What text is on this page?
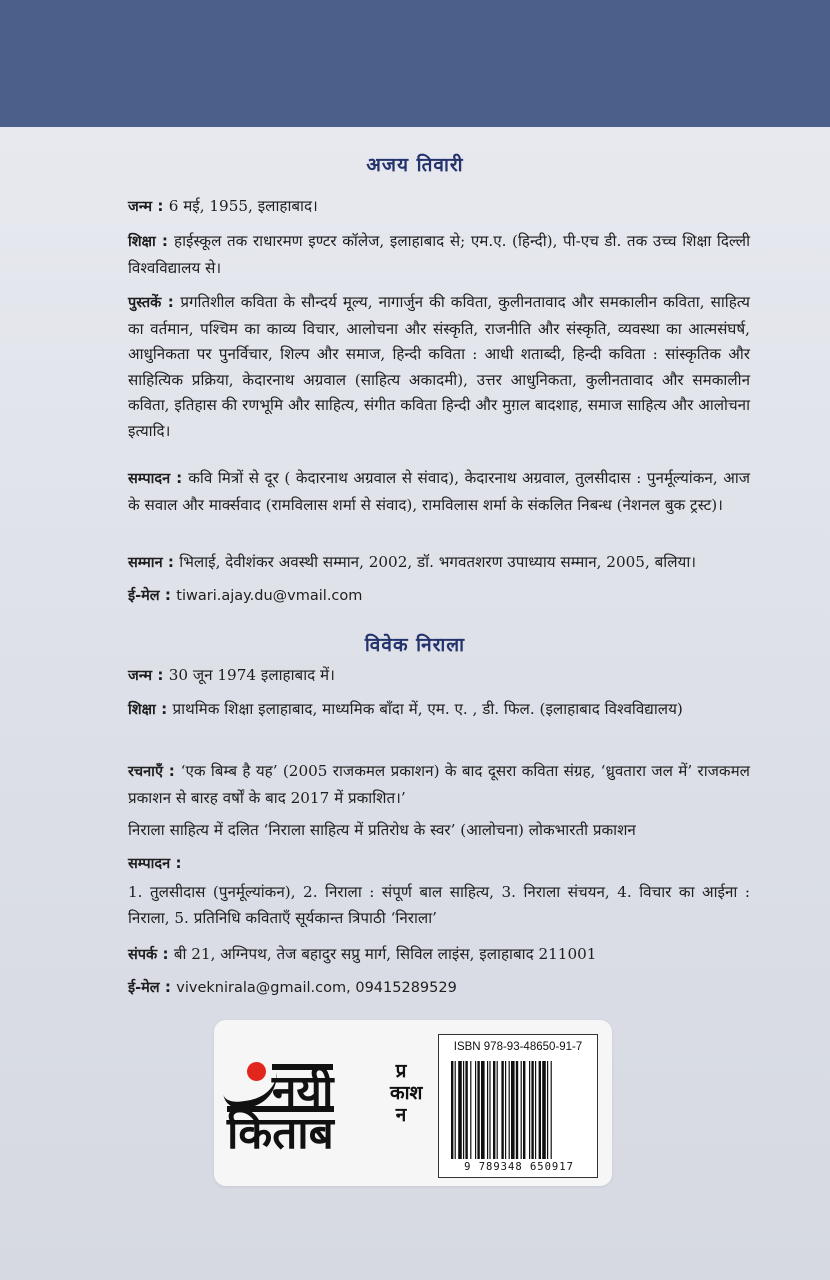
अजय तिवारी

जन्म : 6 मई, 1955, इलाहाबाद।

शिक्षा : हाईस्कूल तक राधारमण इण्टर कॉलेज, इलाहाबाद से; एम.ए. (हिन्दी), पी-एच डी. तक उच्च शिक्षा दिल्ली विश्वविद्यालय से।

पुस्तकें : प्रगतिशील कविता के सौन्दर्य मूल्य, नागार्जुन की कविता, कुलीनतावाद और समकालीन कविता, साहित्य का वर्तमान, पश्चिम का काव्य विचार, आलोचना और संस्कृति, राजनीति और संस्कृति, व्यवस्था का आत्मसंघर्ष, आधुनिकता पर पुनर्विचार, शिल्प और समाज, हिन्दी कविता : आधी शताब्दी, हिन्दी कविता : सांस्कृतिक और साहित्यिक प्रक्रिया, केदारनाथ अग्रवाल (साहित्य अकादमी), उत्तर आधुनिकता, कुलीनतावाद और समकालीन कविता, इतिहास की रणभूमि और साहित्य, संगीत कविता हिन्दी और मुग़ल बादशाह, समाज साहित्य और आलोचना इत्यादि।

सम्पादन : कवि मित्रों से दूर ( केदारनाथ अग्रवाल से संवाद), केदारनाथ अग्रवाल, तुलसीदास : पुनर्मूल्यांकन, आज के सवाल और मार्क्सवाद (रामविलास शर्मा से संवाद), रामविलास शर्मा के संकलित निबन्ध (नेशनल बुक ट्रस्ट)।

सम्मान : भिलाई, देवीशंकर अवस्थी सम्मान, 2002, डॉ. भगवतशरण उपाध्याय सम्मान, 2005, बलिया।

ई-मेल : tiwari.ajay.du@vmail.com

विवेक निराला

जन्म : 30 जून 1974 इलाहाबाद में।

शिक्षा : प्राथमिक शिक्षा इलाहाबाद, माध्यमिक बाँदा में, एम. ए. , डी. फिल. (इलाहाबाद विश्वविद्यालय)

रचनाएँ : ‘एक बिम्ब है यह’ (2005 राजकमल प्रकाशन) के बाद दूसरा कविता संग्रह, ‘ध्रुवतारा जल में’ राजकमल प्रकाशन से बारह वर्षों के बाद 2017 में प्रकाशित।’

निराला साहित्य में दलित ‘निराला साहित्य में प्रतिरोध के स्वर’ (आलोचना) लोकभारती प्रकाशन

सम्पादन :

1. तुलसीदास (पुनर्मूल्यांकन), 2. निराला : संपूर्ण बाल साहित्य, 3. निराला संचयन, 4. विचार का आईना : निराला, 5. प्रतिनिधि कविताएँ सूर्यकान्त त्रिपाठी ‘निराला’

संपर्क : बी 21, अग्निपथ, तेज बहादुर सप्रु मार्ग, सिविल लाइंस, इलाहाबाद 211001

ई-मेल : viveknirala@gmail.com, 09415289529

नयी
किताब
प्रकाशन
ISBN 978-93-48650-91-7
9 789348 650917
